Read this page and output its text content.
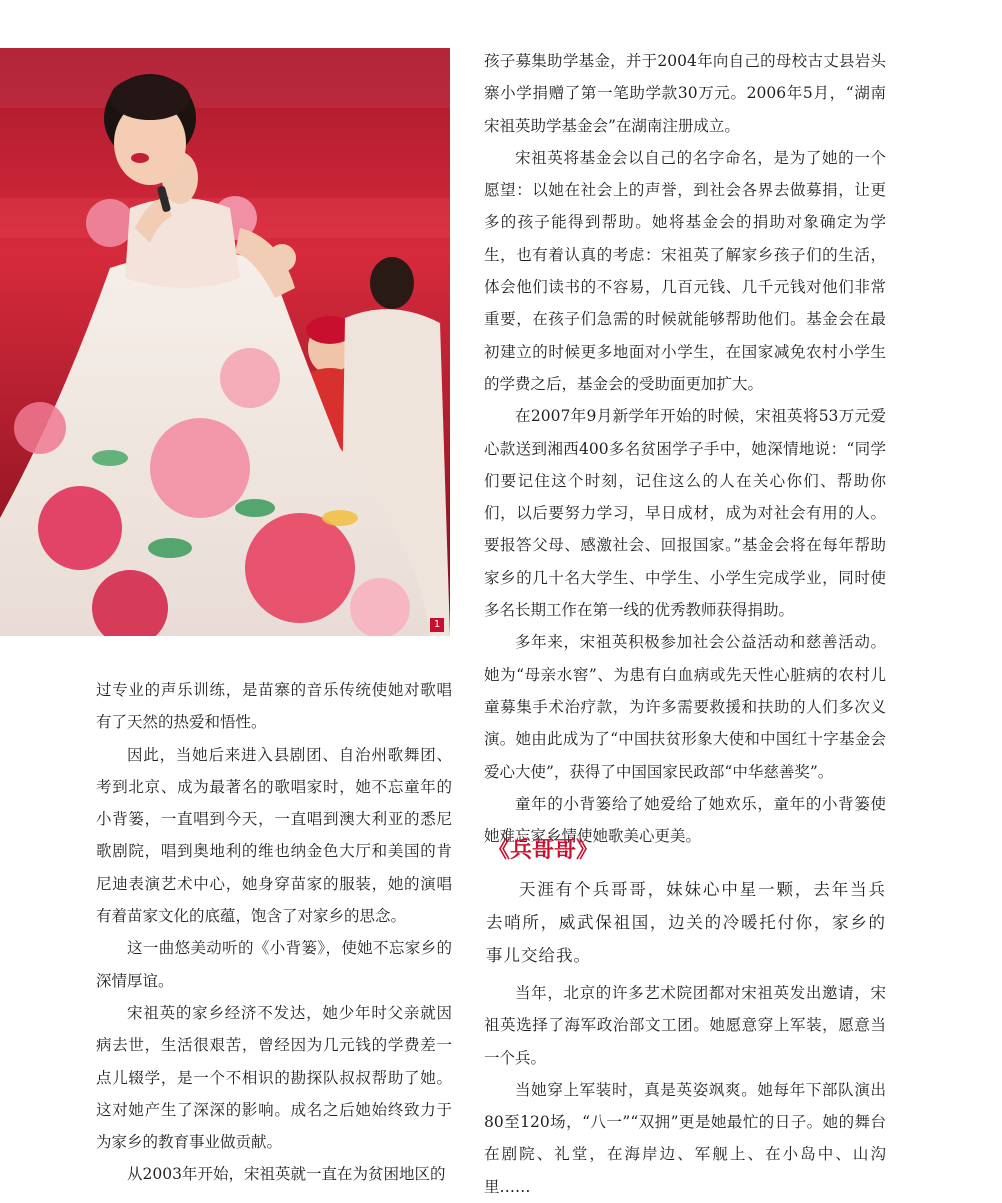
1

过专业的声乐训练，是苗寨的音乐传统使她对歌唱有了天然的热爱和悟性。

因此，当她后来进入县剧团、自治州歌舞团、考到北京、成为最著名的歌唱家时，她不忘童年的小背篓，一直唱到今天，一直唱到澳大利亚的悉尼歌剧院，唱到奥地利的维也纳金色大厅和美国的肯尼迪表演艺术中心，她身穿苗家的服装，她的演唱有着苗家文化的底蕴，饱含了对家乡的思念。

这一曲悠美动听的《小背篓》，使她不忘家乡的深情厚谊。

宋祖英的家乡经济不发达，她少年时父亲就因病去世，生活很艰苦，曾经因为几元钱的学费差一点儿辍学，是一个不相识的勘探队叔叔帮助了她。这对她产生了深深的影响。成名之后她始终致力于为家乡的教育事业做贡献。

从2003年开始，宋祖英就一直在为贫困地区的

孩子募集助学基金，并于2004年向自己的母校古丈县岩头寨小学捐赠了第一笔助学款30万元。2006年5月，“湖南宋祖英助学基金会”在湖南注册成立。

宋祖英将基金会以自己的名字命名，是为了她的一个愿望：以她在社会上的声誉，到社会各界去做募捐，让更多的孩子能得到帮助。她将基金会的捐助对象确定为学生，也有着认真的考虑：宋祖英了解家乡孩子们的生活，体会他们读书的不容易，几百元钱、几千元钱对他们非常重要，在孩子们急需的时候就能够帮助他们。基金会在最初建立的时候更多地面对小学生，在国家减免农村小学生的学费之后，基金会的受助面更加扩大。

在2007年9月新学年开始的时候，宋祖英将53万元爱心款送到湘西400多名贫困学子手中，她深情地说：“同学们要记住这个时刻，记住这么的人在关心你们、帮助你们，以后要努力学习，早日成材，成为对社会有用的人。要报答父母、感激社会、回报国家。”基金会将在每年帮助家乡的几十名大学生、中学生、小学生完成学业，同时使多名长期工作在第一线的优秀教师获得捐助。

多年来，宋祖英积极参加社会公益活动和慈善活动。她为“母亲水窖”、为患有白血病或先天性心脏病的农村儿童募集手术治疗款，为许多需要救援和扶助的人们多次义演。她由此成为了“中国扶贫形象大使和中国红十字基金会爱心大使”，获得了中国国家民政部“中华慈善奖”。

童年的小背篓给了她爱给了她欢乐，童年的小背篓使她难忘家乡情使她歌美心更美。

《兵哥哥》

天涯有个兵哥哥，妹妹心中星一颗，去年当兵去哨所，威武保祖国，边关的冷暖托付你，家乡的事儿交给我。

当年，北京的许多艺术院团都对宋祖英发出邀请，宋祖英选择了海军政治部文工团。她愿意穿上军装，愿意当一个兵。

当她穿上军装时，真是英姿飒爽。她每年下部队演出80至120场，“八一”“双拥”更是她最忙的日子。她的舞台在剧院、礼堂，在海岸边、军舰上、在小岛中、山沟里……
